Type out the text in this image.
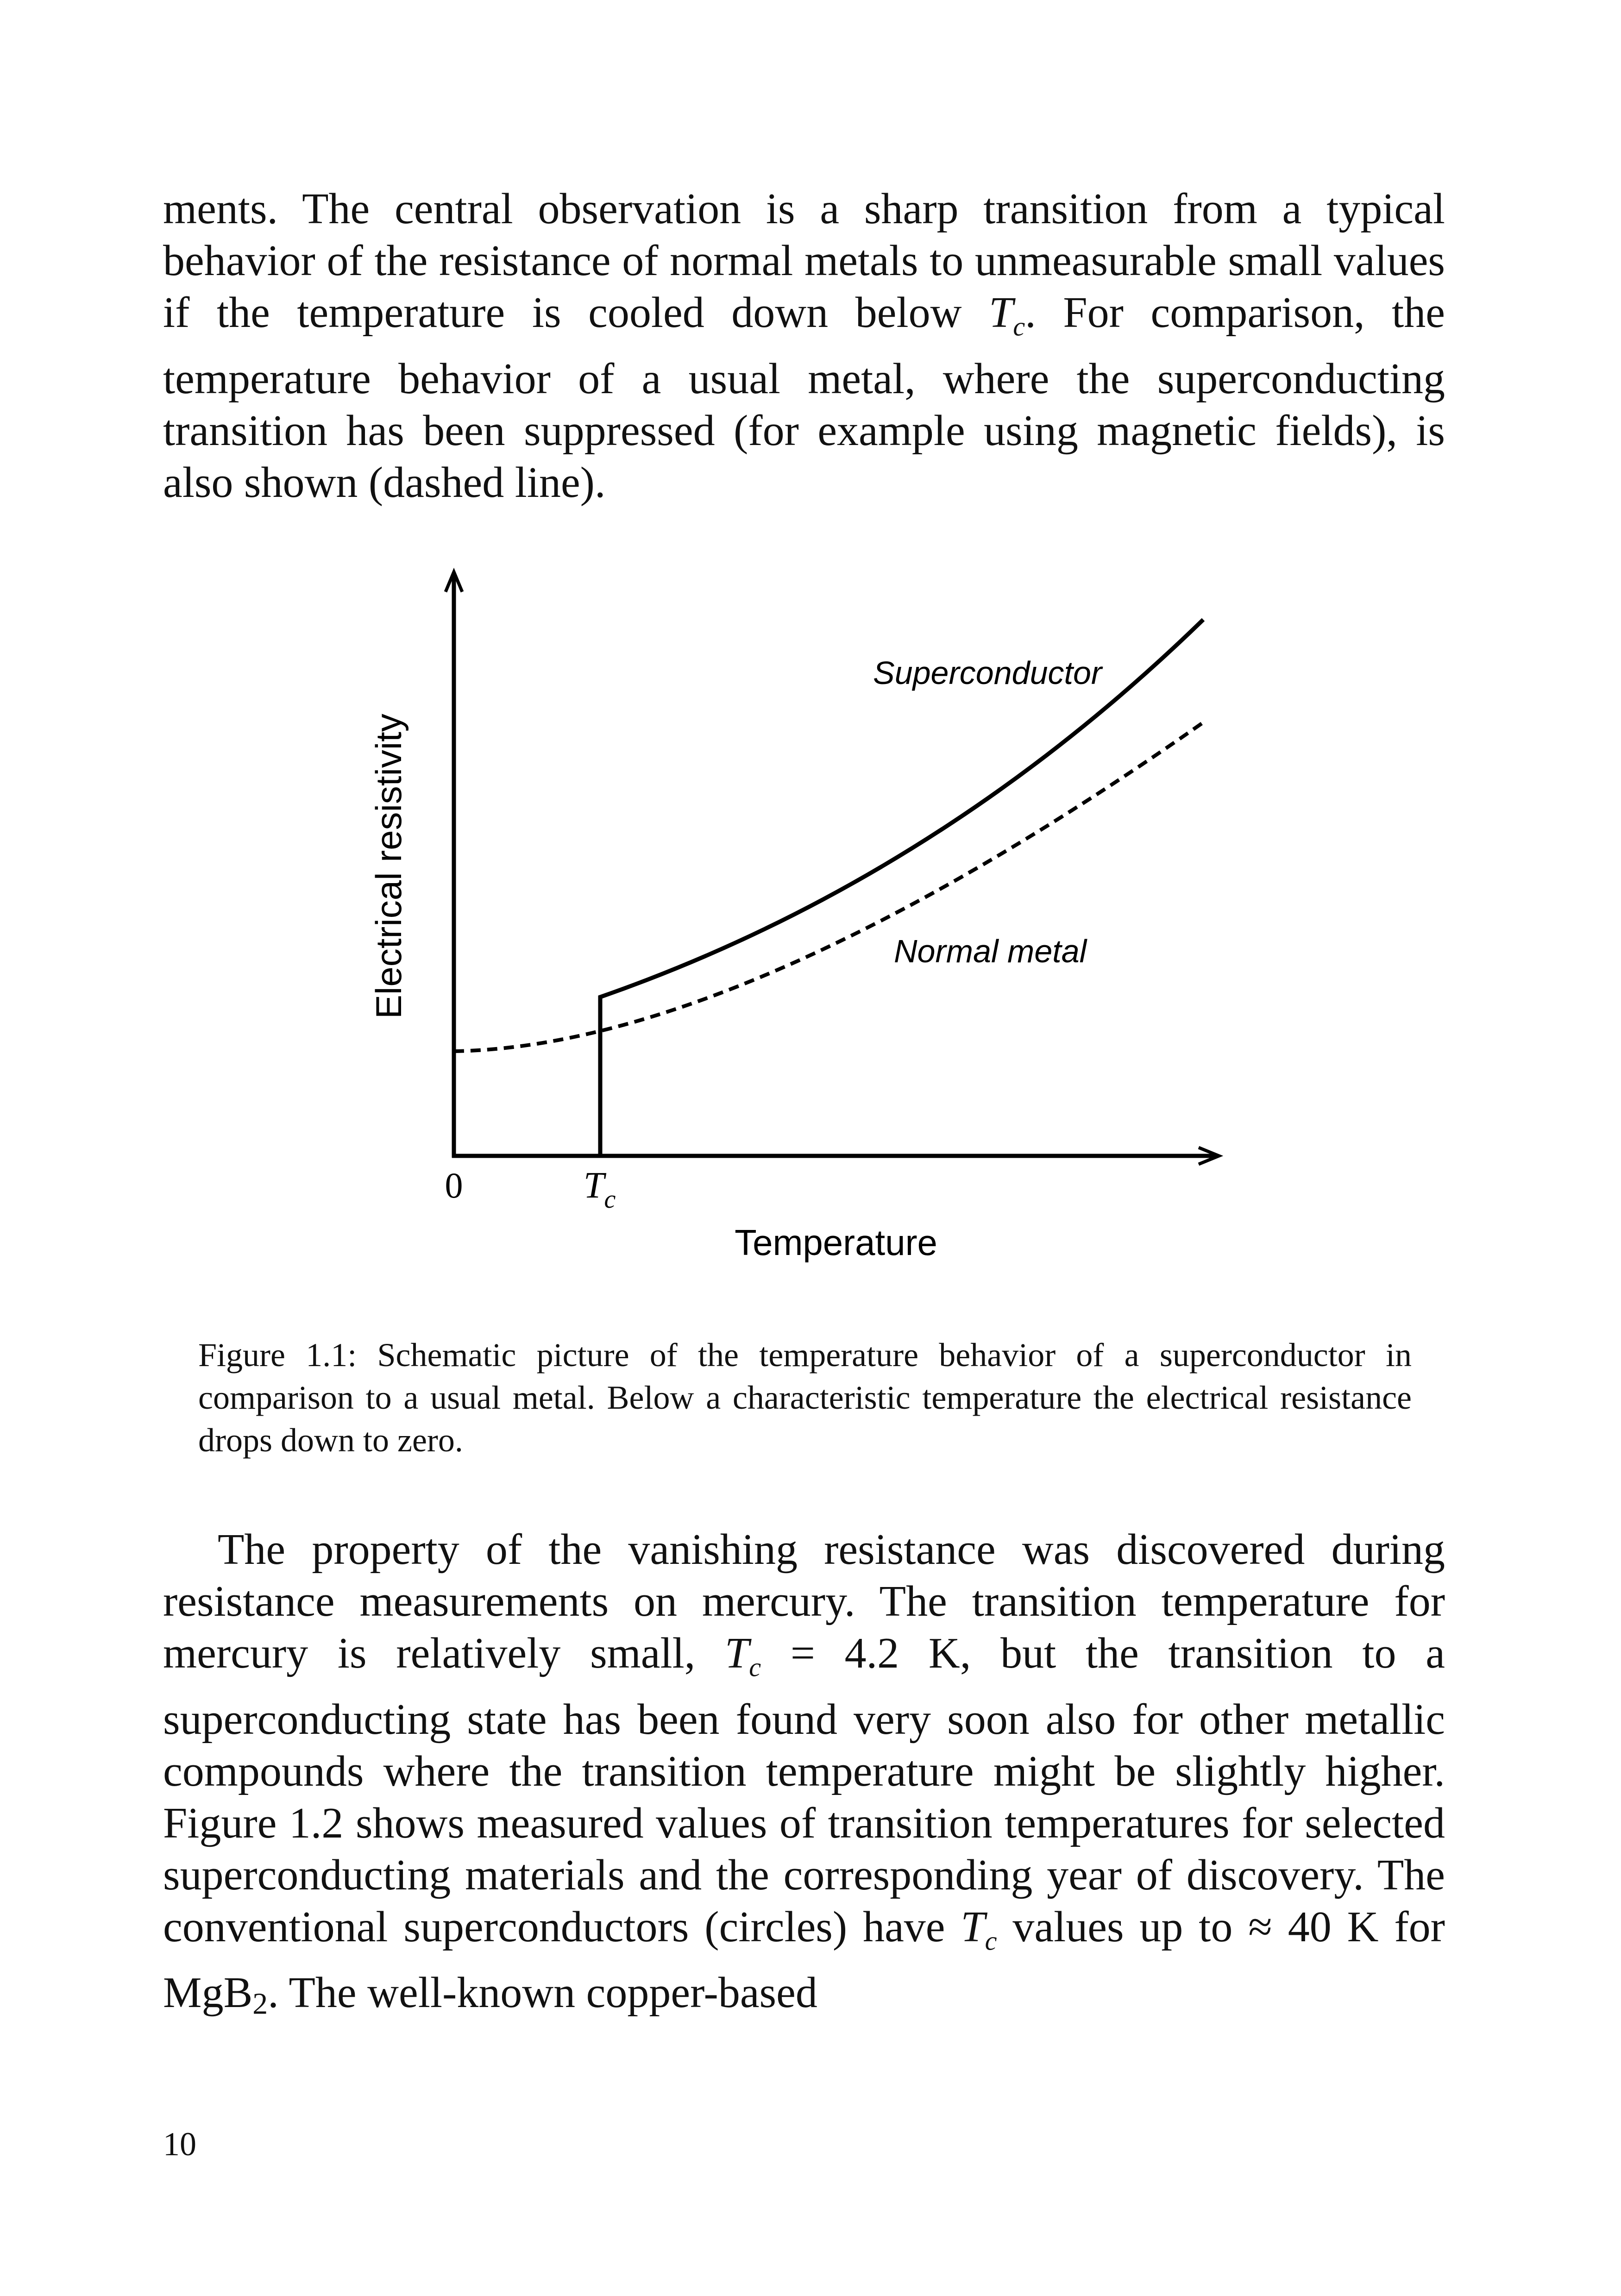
ments. The central observation is a sharp transition from a typical behavior of the resistance of normal metals to unmeasurable small values if the temperature is cooled down below $T_c$. For comparison, the temperature behavior of a usual metal, where the superconducting transition has been suppressed (for example using magnetic fields), is also shown (dashed line).

Superconductor
Normal metal
Electrical resistivity
Temperature
0	$T_c$

Figure 1.1: Schematic picture of the temperature behavior of a superconductor in comparison to a usual metal. Below a characteristic temperature the electrical resistance drops down to zero.

The property of the vanishing resistance was discovered during resistance measurements on mercury. The transition temperature for mercury is relatively small, $T_c = 4.2$ K, but the transition to a superconducting state has been found very soon also for other metallic compounds where the transition temperature might be slightly higher. Figure 1.2 shows measured values of transition temperatures for selected superconducting materials and the corresponding year of discovery. The conventional superconductors (circles) have $T_c$ values up to ≈ 40 K for MgB2. The well-known copper-based

10
